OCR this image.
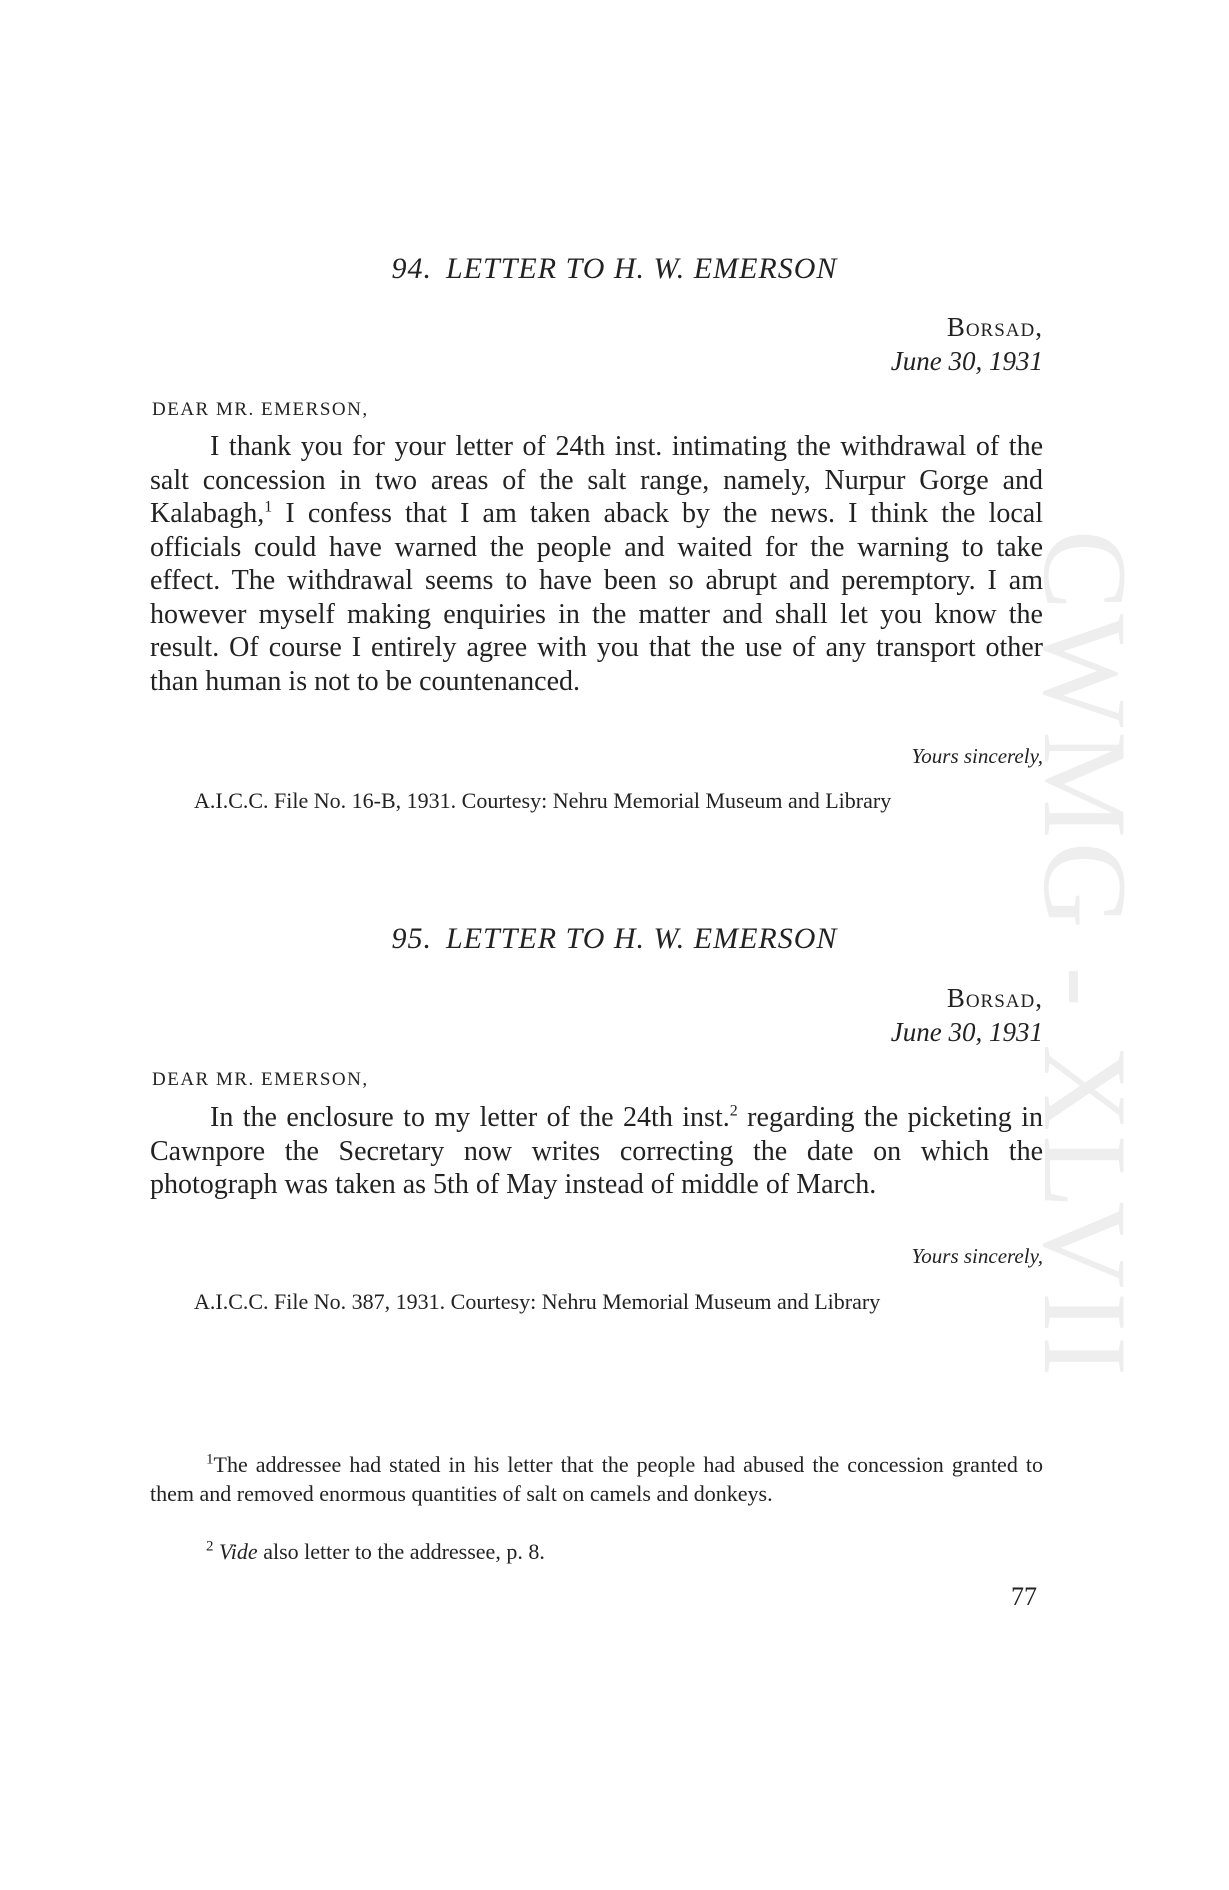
CWMG - XLVII
94. LETTER TO H. W. EMERSON
Borsad,
June 30, 1931
DEAR MR. EMERSON,

I thank you for your letter of 24th inst. intimating the withdrawal of the salt concession in two areas of the salt range, namely, Nurpur Gorge and Kalabagh,$^1$ I confess that I am taken aback by the news. I think the local officials could have warned the people and waited for the warning to take effect. The withdrawal seems to have been so abrupt and peremptory. I am however myself making enquiries in the matter and shall let you know the result. Of course I entirely agree with you that the use of any transport other than human is not to be countenanced.

Yours sincerely,

A.I.C.C. File No. 16-B, 1931. Courtesy: Nehru Memorial Museum and Library

95. LETTER TO H. W. EMERSON
Borsad,
June 30, 1931
DEAR MR. EMERSON,

In the enclosure to my letter of the 24th inst.$^2$ regarding the picketing in Cawnpore the Secretary now writes correcting the date on which the photograph was taken as 5th of May instead of middle of March.

Yours sincerely,

A.I.C.C. File No. 387, 1931. Courtesy: Nehru Memorial Museum and Library

$^1$The addressee had stated in his letter that the people had abused the concession granted to them and removed enormous quantities of salt on camels and donkeys.

$^2$ Vide also letter to the addressee, p. 8.

77
